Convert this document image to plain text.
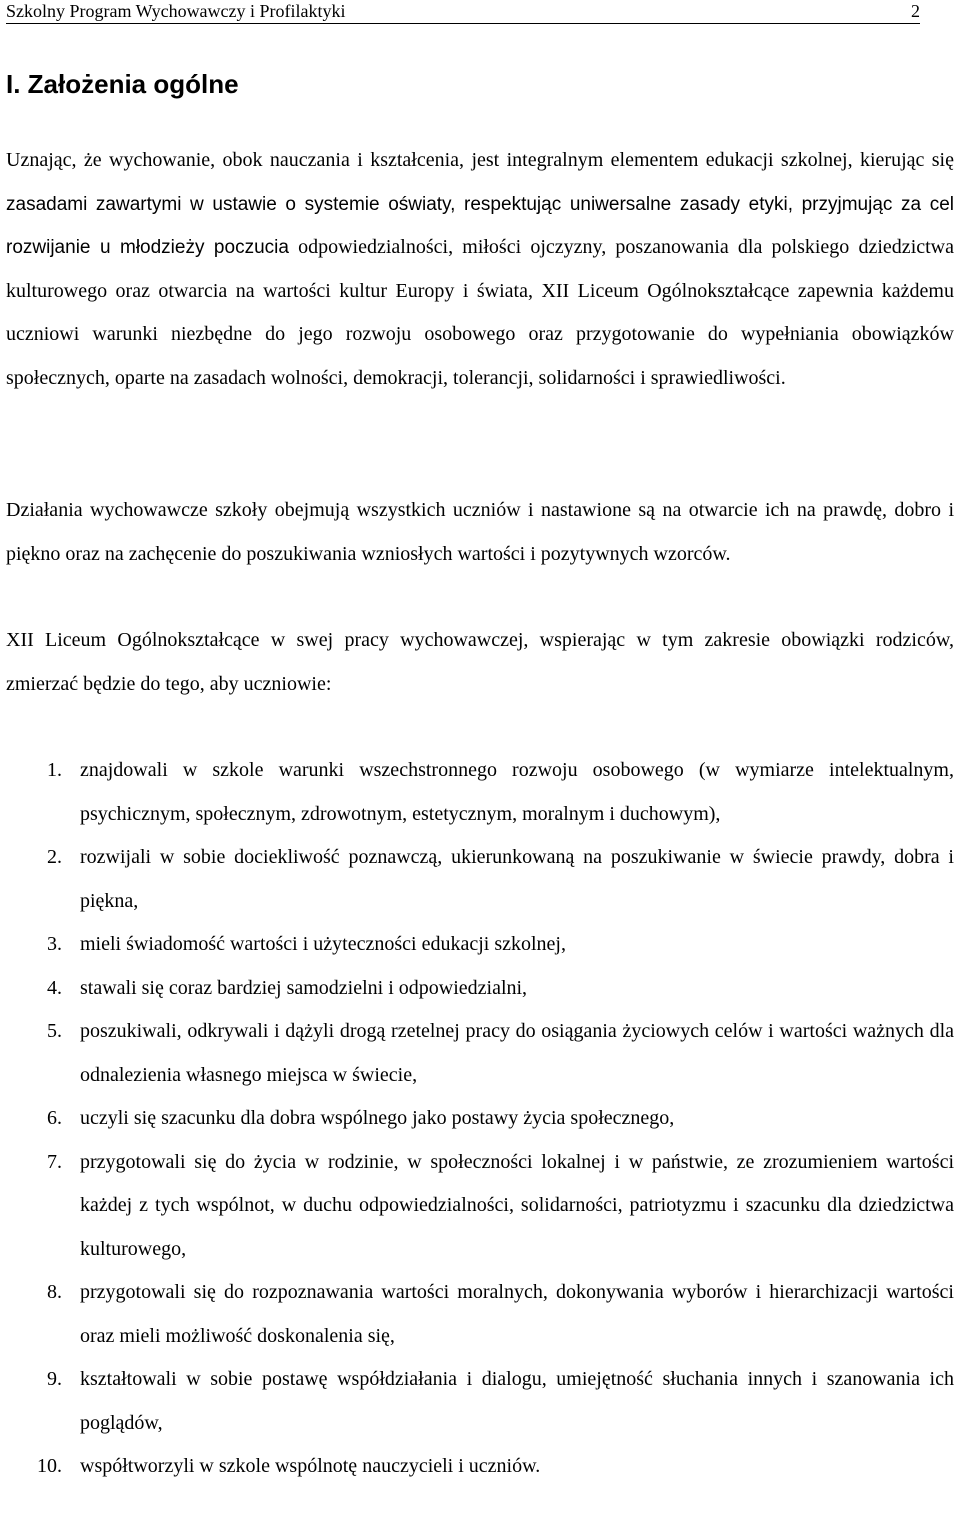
Szkolny Program Wychowawczy i Profilaktyki	2
I. Założenia ogólne

Uznając, że wychowanie, obok nauczania i kształcenia, jest integralnym elementem edukacji szkolnej, kierując się zasadami zawartymi w ustawie o systemie oświaty, respektując uniwersalne zasady etyki, przyjmując za cel rozwijanie u młodzieży poczucia odpowiedzialności, miłości ojczyzny, poszanowania dla polskiego dziedzictwa kulturowego oraz otwarcia na wartości kultur Europy i świata, XII Liceum Ogólnokształcące zapewnia każdemu uczniowi warunki niezbędne do jego rozwoju osobowego oraz przygotowanie do wypełniania obowiązków społecznych, oparte na zasadach wolności, demokracji, tolerancji, solidarności i sprawiedliwości.

Działania wychowawcze szkoły obejmują wszystkich uczniów i nastawione są na otwarcie ich na prawdę, dobro i piękno oraz na zachęcenie do poszukiwania wzniosłych wartości i pozytywnych wzorców.

XII Liceum Ogólnokształcące w swej pracy wychowawczej, wspierając w tym zakresie obowiązki rodziców, zmierzać będzie do tego, aby uczniowie:

1. znajdowali w szkole warunki wszechstronnego rozwoju osobowego (w wymiarze intelektualnym, psychicznym, społecznym, zdrowotnym, estetycznym, moralnym i duchowym),
2. rozwijali w sobie dociekliwość poznawczą, ukierunkowaną na poszukiwanie w świecie prawdy, dobra i piękna,
3. mieli świadomość wartości i użyteczności edukacji szkolnej,
4. stawali się coraz bardziej samodzielni i odpowiedzialni,
5. poszukiwali, odkrywali i dążyli drogą rzetelnej pracy do osiągania życiowych celów i wartości ważnych dla odnalezienia własnego miejsca w świecie,
6. uczyli się szacunku dla dobra wspólnego jako postawy życia społecznego,
7. przygotowali się do życia w rodzinie, w społeczności lokalnej i w państwie, ze zrozumieniem wartości każdej z tych wspólnot, w duchu odpowiedzialności, solidarności, patriotyzmu i szacunku dla dziedzictwa kulturowego,
8. przygotowali się do rozpoznawania wartości moralnych, dokonywania wyborów i hierarchizacji wartości oraz mieli możliwość doskonalenia się,
9. kształtowali w sobie postawę współdziałania i dialogu, umiejętność słuchania innych i szanowania ich poglądów,
10. współtworzyli w szkole wspólnotę nauczycieli i uczniów.
